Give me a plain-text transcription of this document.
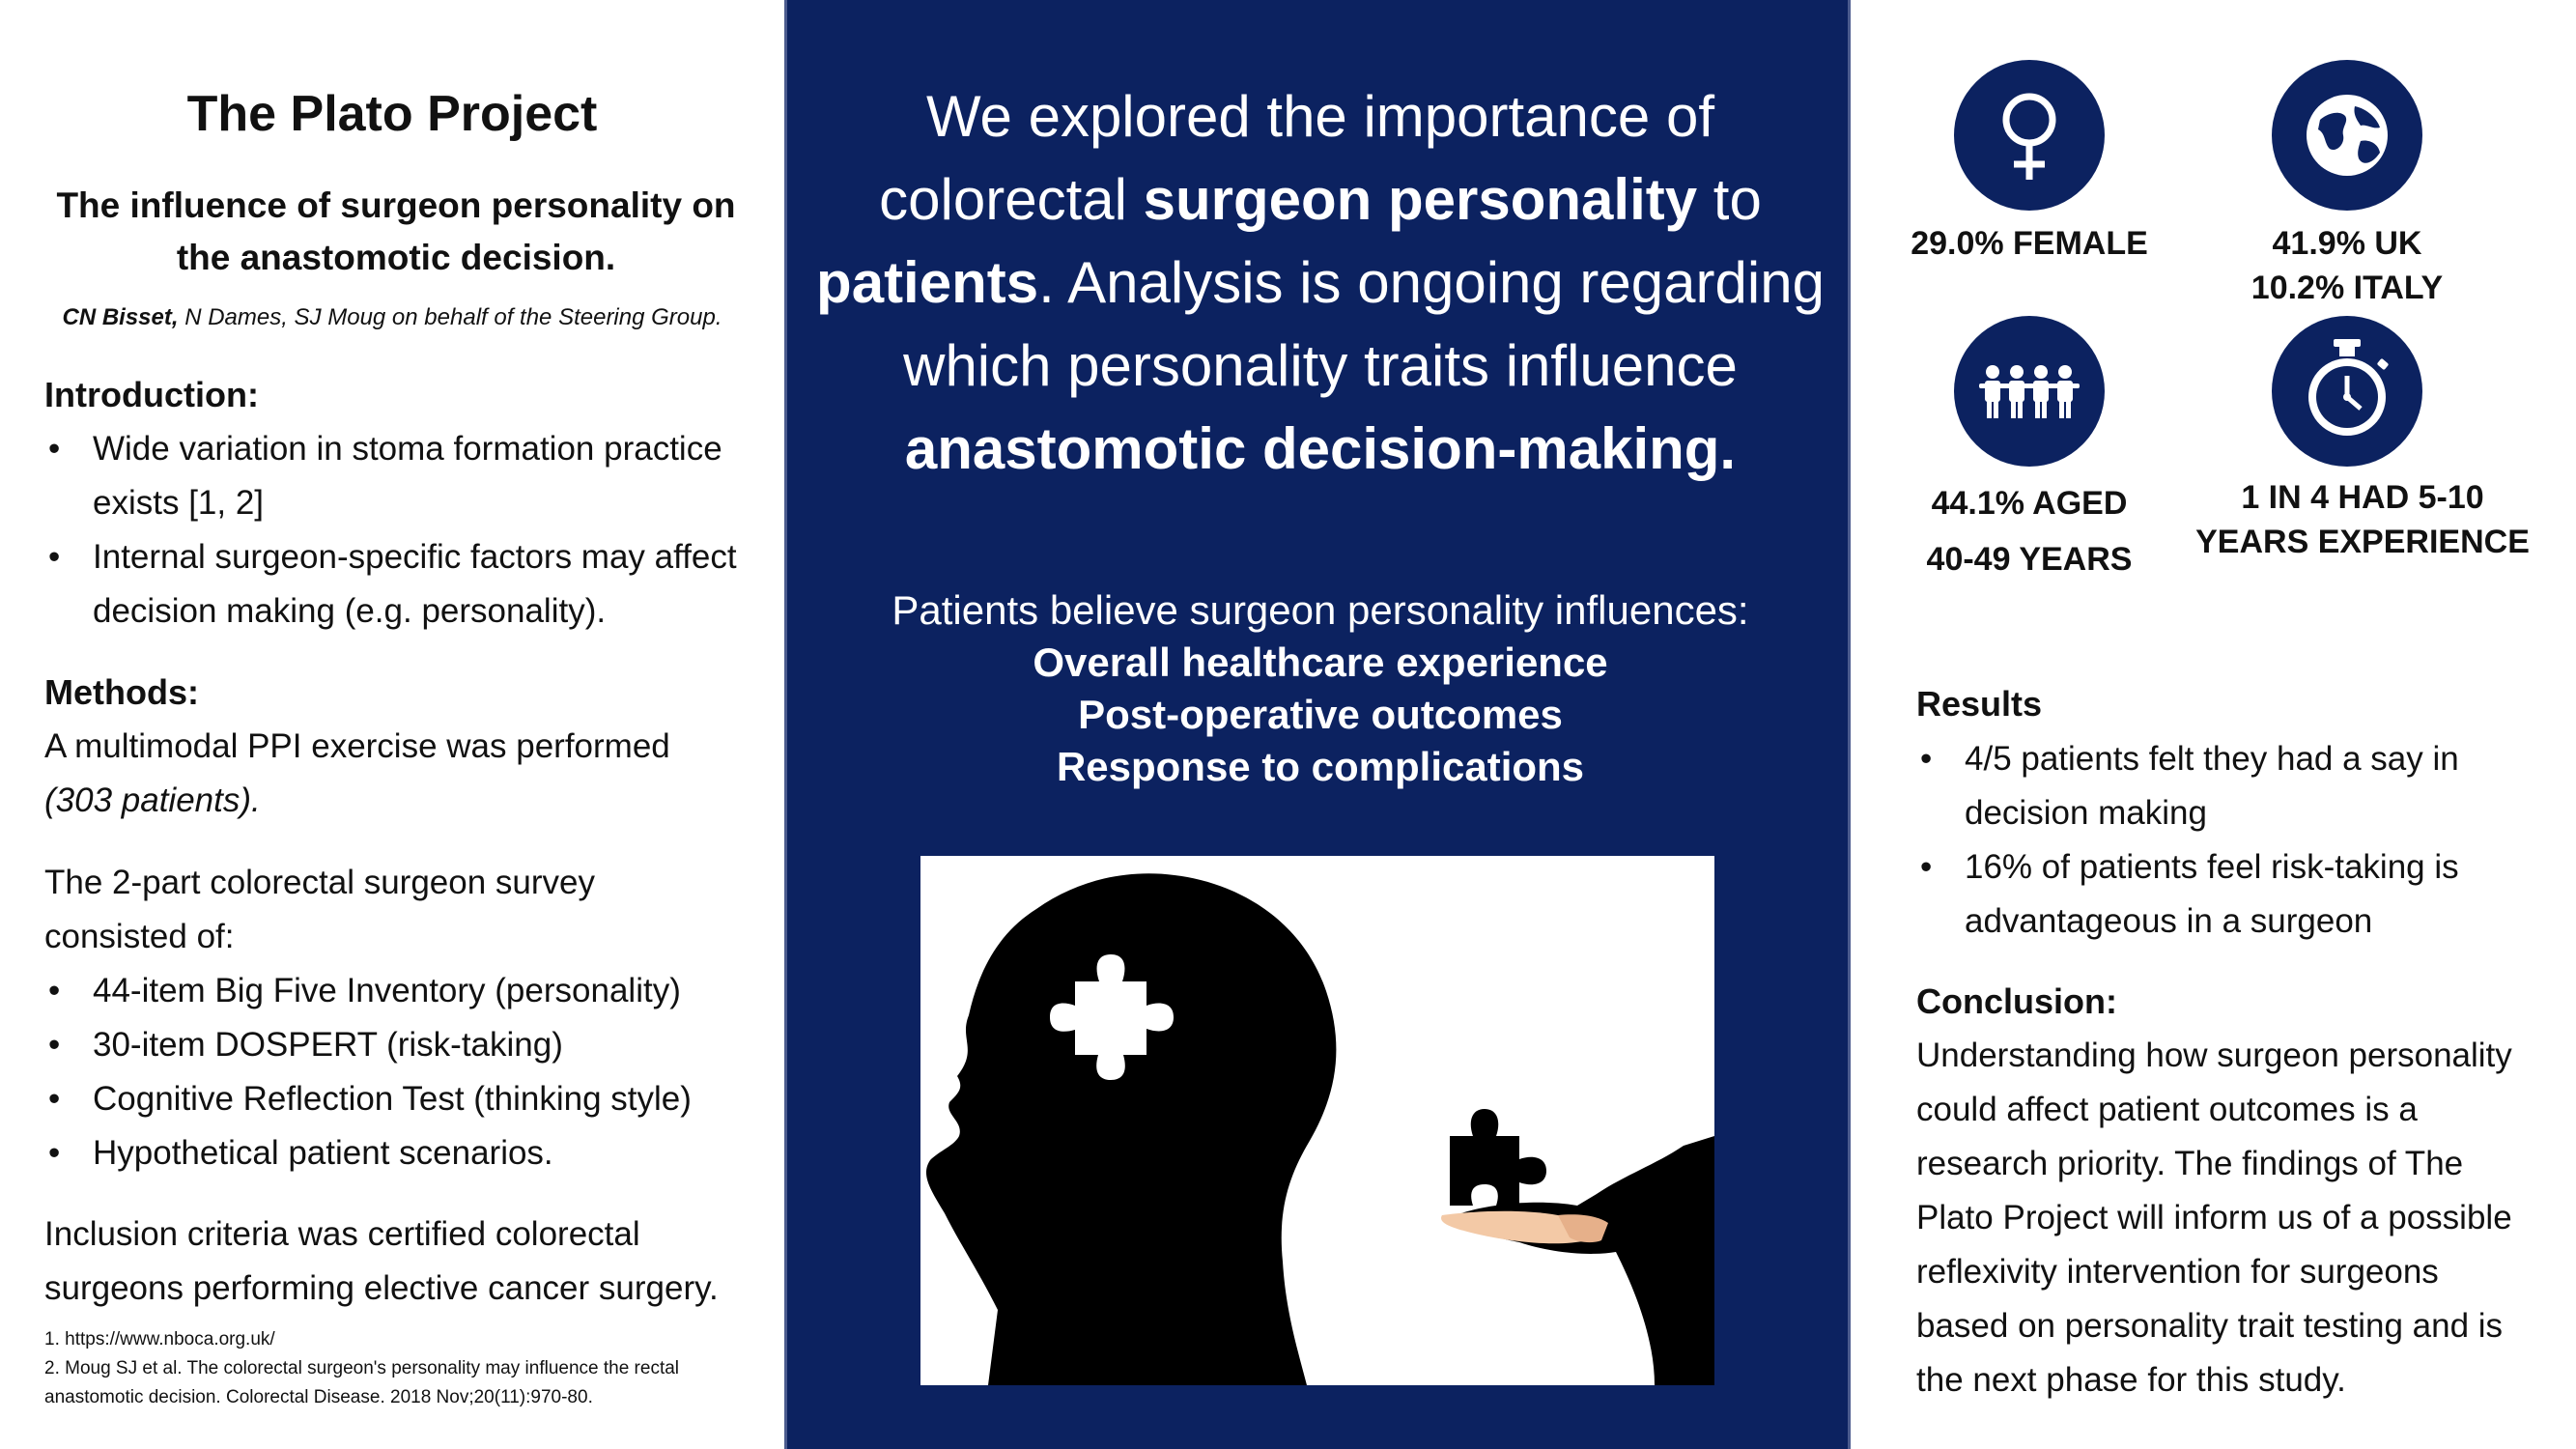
The Plato Project
The influence of surgeon personality on the anastomotic decision.
CN Bisset, N Dames, SJ Moug on behalf of the Steering Group.
Introduction:
• Wide variation in stoma formation practice exists [1, 2]
• Internal surgeon-specific factors may affect decision making (e.g. personality).
Methods:
A multimodal PPI exercise was performed
(303 patients).
The 2-part colorectal surgeon survey consisted of:
• 44-item Big Five Inventory (personality)
• 30-item DOSPERT (risk-taking)
• Cognitive Reflection Test (thinking style)
• Hypothetical patient scenarios.
Inclusion criteria was certified colorectal surgeons performing elective cancer surgery.
1. https://www.nboca.org.uk/
2. Moug SJ et al. The colorectal surgeon's personality may influence the rectal anastomotic decision. Colorectal Disease. 2018 Nov;20(11):970-80.
We explored the importance of
colorectal surgeon personality to
patients. Analysis is ongoing regarding
which personality traits influence
anastomotic decision-making.
Patients believe surgeon personality influences:
Overall healthcare experience
Post-operative outcomes
Response to complications
29.0% FEMALE	41.9% UK
10.2% ITALY
44.1% AGED
40-49 YEARS
1 IN 4 HAD 5-10
YEARS EXPERIENCE
Results
• 4/5 patients felt they had a say in decision making
• 16% of patients feel risk-taking is advantageous in a surgeon
Conclusion:
Understanding how surgeon personality could affect patient outcomes is a research priority. The findings of The Plato Project will inform us of a possible reflexivity intervention for surgeons based on personality trait testing and is the next phase for this study.
